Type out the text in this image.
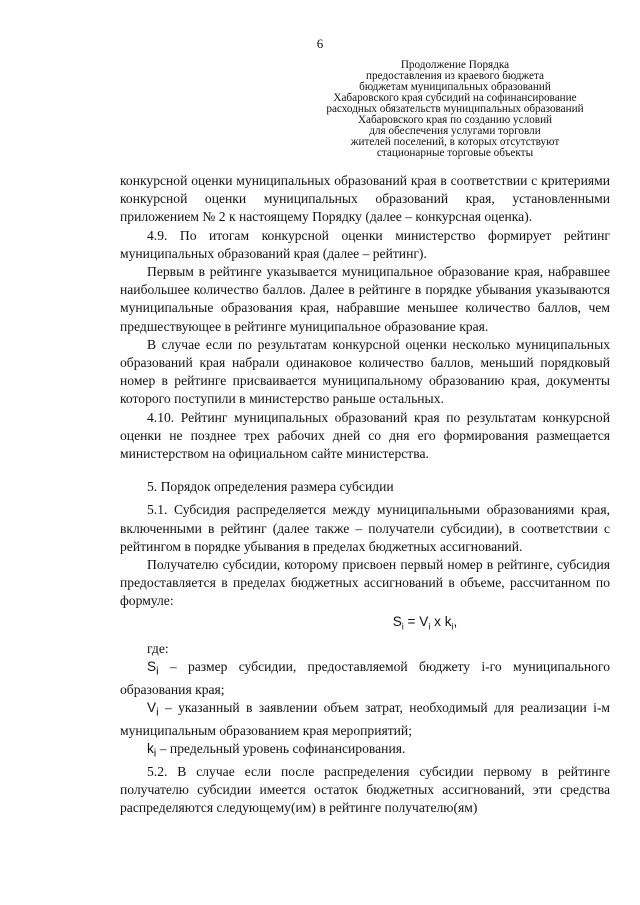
6
Продолжение Порядка
предоставления из краевого бюджета
бюджетам муниципальных образований
Хабаровского края субсидий на софинансирование
расходных обязательств муниципальных образований
Хабаровского края по созданию условий
для обеспечения услугами торговли
жителей поселений, в которых отсутствуют
стационарные торговые объекты

конкурсной оценки муниципальных образований края в соответствии с критериями конкурсной оценки муниципальных образований края, установленными приложением № 2 к настоящему Порядку (далее – конкурсная оценка).

4.9. По итогам конкурсной оценки министерство формирует рейтинг муниципальных образований края (далее – рейтинг).

Первым в рейтинге указывается муниципальное образование края, набравшее наибольшее количество баллов. Далее в рейтинге в порядке убывания указываются муниципальные образования края, набравшие меньшее количество баллов, чем предшествующее в рейтинге муниципальное образование края.

В случае если по результатам конкурсной оценки несколько муниципальных образований края набрали одинаковое количество баллов, меньший порядковый номер в рейтинге присваивается муниципальному образованию края, документы которого поступили в министерство раньше остальных.

4.10. Рейтинг муниципальных образований края по результатам конкурсной оценки не позднее трех рабочих дней со дня его формирования размещается министерством на официальном сайте министерства.

5. Порядок определения размера субсидии

5.1. Субсидия распределяется между муниципальными образованиями края, включенными в рейтинг (далее также – получатели субсидии), в соответствии с рейтингом в порядке убывания в пределах бюджетных ассигнований.

Получателю субсидии, которому присвоен первый номер в рейтинге, субсидия предоставляется в пределах бюджетных ассигнований в объеме, рассчитанном по формуле:

$S_i = V_i$ x $k_i$,

где:

$S_i$ – размер субсидии, предоставляемой бюджету i-го муниципального образования края;

$V_i$ – указанный в заявлении объем затрат, необходимый для реализации i-м муниципальным образованием края мероприятий;

$k_i$ – предельный уровень софинансирования.

5.2. В случае если после распределения субсидии первому в рейтинге получателю субсидии имеется остаток бюджетных ассигнований, эти средства распределяются следующему(им) в рейтинге получателю(ям)
